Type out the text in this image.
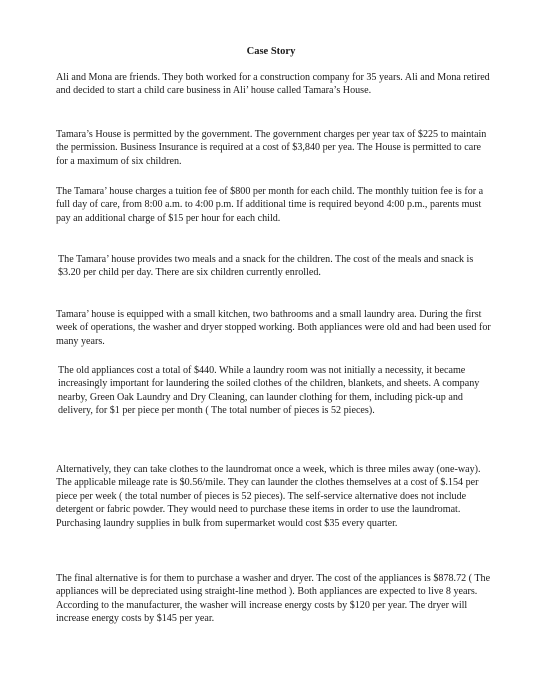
Case Story

Ali and Mona are friends. They both worked for a construction company for 35 years. Ali and Mona retired and decided to start a child care business in Ali’ house called Tamara’s House.

Tamara’s House is permitted by the government. The government charges per year tax of $225 to maintain the permission. Business Insurance is required at a cost of $3,840 per yea. The House is permitted to care for a maximum of six children.

The Tamara’ house charges a tuition fee of $800 per month for each child. The monthly tuition fee is for a full day of care, from 8:00 a.m. to 4:00 p.m. If additional time is required beyond 4:00 p.m., parents must pay an additional charge of $15 per hour for each child.

The Tamara’ house provides two meals and a snack for the children. The cost of the meals and snack is $3.20 per child per day. There are six children currently enrolled.

Tamara’ house is equipped with a small kitchen, two bathrooms and a small laundry area. During the first week of operations, the washer and dryer stopped working. Both appliances were old and had been used for many years.

The old appliances cost a total of $440. While a laundry room was not initially a necessity, it became increasingly important for laundering the soiled clothes of the children, blankets, and sheets. A company nearby, Green Oak Laundry and Dry Cleaning, can launder clothing for them, including pick-up and delivery, for $1 per piece per month ( The total number of pieces is 52 pieces).

Alternatively, they can take clothes to the laundromat once a week, which is three miles away (one-way). The applicable mileage rate is $0.56/mile. They can launder the clothes themselves at a cost of $.154 per piece per week ( the total number of pieces is 52 pieces). The self-service alternative does not include detergent or fabric powder. They would need to purchase these items in order to use the laundromat. Purchasing laundry supplies in bulk from supermarket would cost $35 every quarter.

The final alternative is for them to purchase a washer and dryer. The cost of the appliances is $878.72 ( The appliances will be depreciated using straight-line method ). Both appliances are expected to live 8 years. According to the manufacturer, the washer will increase energy costs by $120 per year. The dryer will increase energy costs by $145 per year.
